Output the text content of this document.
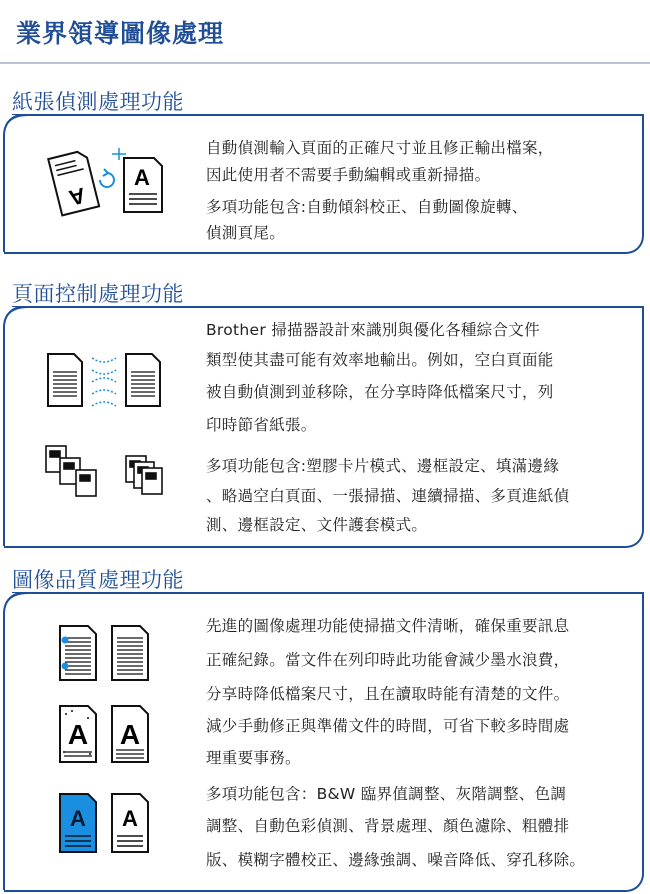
業界領導圖像處理
紙張偵測處理功能
A
A
自動偵測輸入頁面的正確尺寸並且修正輸出檔案，
因此使用者不需要手動編輯或重新掃描。
多項功能包含:自動傾斜校正、自動圖像旋轉、
偵測頁尾。
頁面控制處理功能
Brother 掃描器設計來識別與優化各種綜合文件
類型使其盡可能有效率地輸出。例如，空白頁面能
被自動偵測到並移除，在分享時降低檔案尺寸，列
印時節省紙張。
多項功能包含:塑膠卡片模式、邊框設定、填滿邊緣
、略過空白頁面、一張掃描、連續掃描、多頁進紙偵
測、邊框設定、文件護套模式。
圖像品質處理功能
A A
A A
先進的圖像處理功能使掃描文件清晰，確保重要訊息
正確紀錄。當文件在列印時此功能會減少墨水浪費，
分享時降低檔案尺寸，且在讀取時能有清楚的文件。
減少手動修正與準備文件的時間，可省下較多時間處
理重要事務。
多項功能包含：B&W 臨界值調整、灰階調整、色調
調整、自動色彩偵測、背景處理、顏色濾除、粗體排
版、模糊字體校正、邊緣強調、噪音降低、穿孔移除。
